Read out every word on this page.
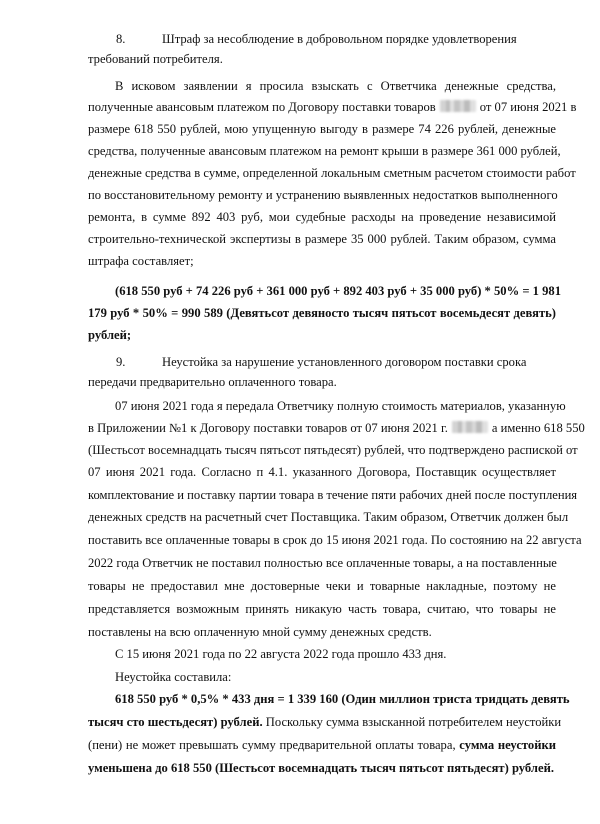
8.	Штраф за несоблюдение в добровольном порядке удовлетворения
требований потребителя.
В исковом заявлении я просила взыскать с Ответчика денежные средства,
полученные авансовым платежом по Договору поставки товаров	от 07 июня 2021 в
размере 618 550 рублей, мою упущенную выгоду в размере 74 226 рублей, денежные
средства, полученные авансовым платежом на ремонт крыши в размере 361 000 рублей,
денежные средства в сумме, определенной локальным сметным расчетом стоимости работ
по восстановительному ремонту и устранению выявленных недостатков выполненного
ремонта, в сумме 892 403 руб, мои судебные расходы на проведение независимой
строительно-технической экспертизы в размере 35 000 рублей. Таким образом, сумма
штрафа составляет;
(618 550 руб + 74 226 руб + 361 000 руб + 892 403 руб + 35 000 руб) * 50% = 1 981
179 руб * 50% = 990 589 (Девятьсот девяносто тысяч пятьсот восемьдесят девять)
рублей;
9.	Неустойка за нарушение установленного договором поставки срока
передачи предварительно оплаченного товара.
07 июня 2021 года я передала Ответчику полную стоимость материалов, указанную
в Приложении №1 к Договору поставки товаров от 07 июня 2021 г.	а именно 618 550
(Шестьсот восемнадцать тысяч пятьсот пятьдесят) рублей, что подтверждено распиской от
07 июня 2021 года. Согласно п 4.1. указанного Договора, Поставщик осуществляет
комплектование и поставку партии товара в течение пяти рабочих дней после поступления
денежных средств на расчетный счет Поставщика. Таким образом, Ответчик должен был
поставить все оплаченные товары в срок до 15 июня 2021 года. По состоянию на 22 августа
2022 года Ответчик не поставил полностью все оплаченные товары, а на поставленные
товары не предоставил мне достоверные чеки и товарные накладные, поэтому не
представляется возможным принять никакую часть товара, считаю, что товары не
поставлены на всю оплаченную мной сумму денежных средств.
С 15 июня 2021 года по 22 августа 2022 года прошло 433 дня.
Неустойка составила:
618 550 руб * 0,5% * 433 дня = 1 339 160 (Один миллион триста тридцать девять
тысяч сто шестьдесят) рублей. Поскольку сумма взысканной потребителем неустойки
(пени) не может превышать сумму предварительной оплаты товара, сумма неустойки
уменьшена до 618 550 (Шестьсот восемнадцать тысяч пятьсот пятьдесят) рублей.
